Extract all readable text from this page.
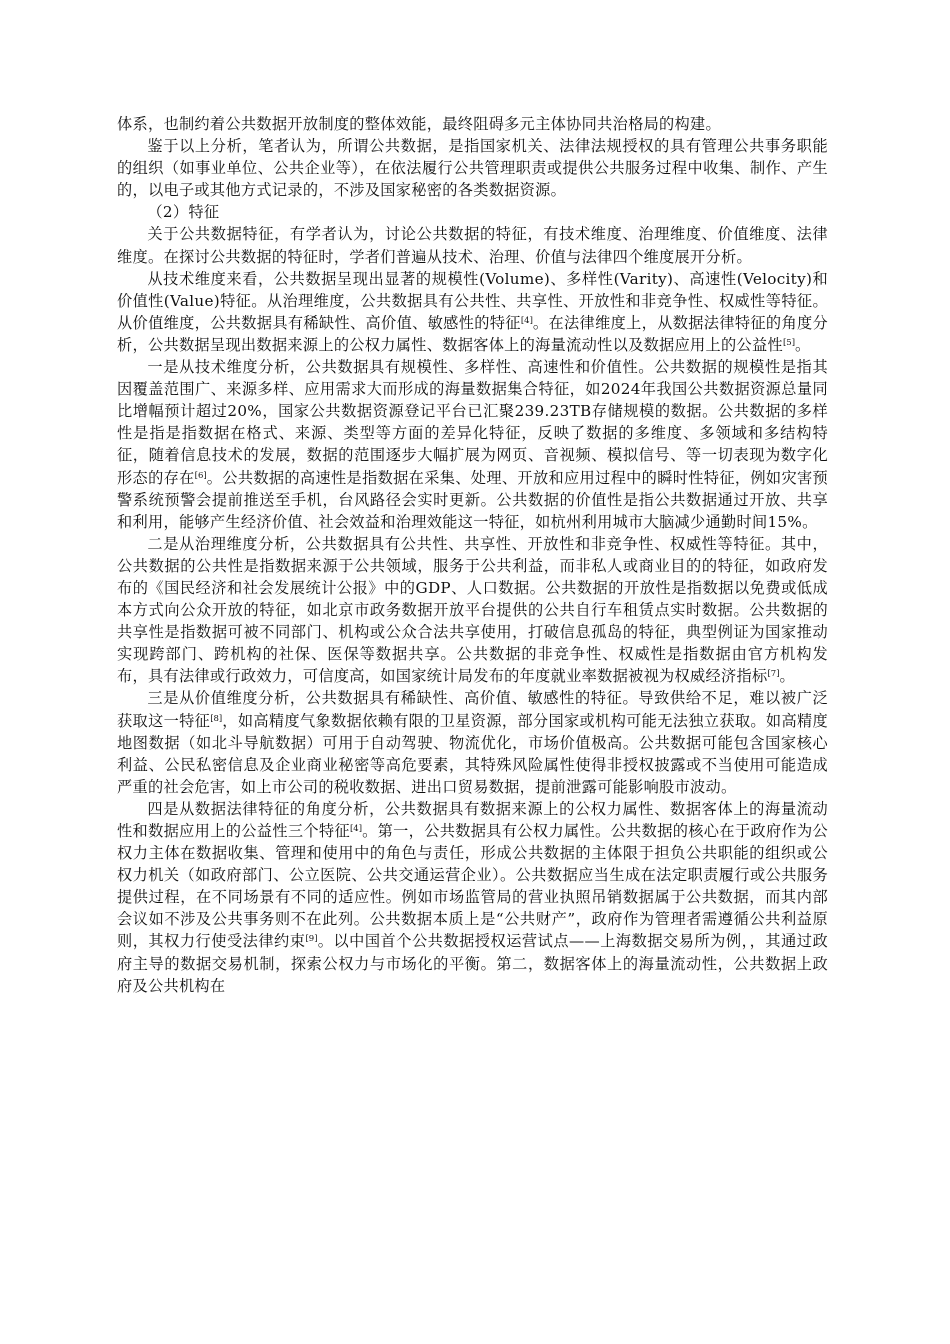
体系，也制约着公共数据开放制度的整体效能，最终阻碍多元主体协同共治格局的构建。

鉴于以上分析，笔者认为，所谓公共数据，是指国家机关、法律法规授权的具有管理公共事务职能的组织（如事业单位、公共企业等），在依法履行公共管理职责或提供公共服务过程中收集、制作、产生的，以电子或其他方式记录的，不涉及国家秘密的各类数据资源。

（2）特征

关于公共数据特征，有学者认为，讨论公共数据的特征，有技术维度、治理维度、价值维度、法律维度。在探讨公共数据的特征时，学者们普遍从技术、治理、价值与法律四个维度展开分析。

从技术维度来看，公共数据呈现出显著的规模性(Volume)、多样性(Varity)、高速性(Velocity)和价值性(Value)特征。从治理维度，公共数据具有公共性、共享性、开放性和非竞争性、权威性等特征。从价值维度，公共数据具有稀缺性、高价值、敏感性的特征[4]。在法律维度上，从数据法律特征的角度分析，公共数据呈现出数据来源上的公权力属性、数据客体上的海量流动性以及数据应用上的公益性[5]。

一是从技术维度分析，公共数据具有规模性、多样性、高速性和价值性。公共数据的规模性是指其因覆盖范围广、来源多样、应用需求大而形成的海量数据集合特征，如2024年我国公共数据资源总量同比增幅预计超过20%，国家公共数据资源登记平台已汇聚239.23TB存储规模的数据。公共数据的多样性是指是指数据在格式、来源、类型等方面的差异化特征，反映了数据的多维度、多领域和多结构特征，随着信息技术的发展，数据的范围逐步大幅扩展为网页、音视频、模拟信号、等一切表现为数字化形态的存在[6]。公共数据的高速性是指数据在采集、处理、开放和应用过程中的瞬时性特征，例如灾害预警系统预警会提前推送至手机，台风路径会实时更新。公共数据的价值性是指公共数据通过开放、共享和利用，能够产生经济价值、社会效益和治理效能这一特征，如杭州利用城市大脑减少通勤时间15%。

二是从治理维度分析，公共数据具有公共性、共享性、开放性和非竞争性、权威性等特征。其中，公共数据的公共性是指数据来源于公共领域，服务于公共利益，而非私人或商业目的的特征，如政府发布的《国民经济和社会发展统计公报》中的GDP、人口数据。公共数据的开放性是指数据以免费或低成本方式向公众开放的特征，如北京市政务数据开放平台提供的公共自行车租赁点实时数据。公共数据的共享性是指数据可被不同部门、机构或公众合法共享使用，打破信息孤岛的特征，典型例证为国家推动实现跨部门、跨机构的社保、医保等数据共享。公共数据的非竞争性、权威性是指数据由官方机构发布，具有法律或行政效力，可信度高，如国家统计局发布的年度就业率数据被视为权威经济指标[7]。

三是从价值维度分析，公共数据具有稀缺性、高价值、敏感性的特征。导致供给不足，难以被广泛获取这一特征[8]，如高精度气象数据依赖有限的卫星资源，部分国家或机构可能无法独立获取。如高精度地图数据（如北斗导航数据）可用于自动驾驶、物流优化，市场价值极高。公共数据可能包含国家核心利益、公民私密信息及企业商业秘密等高危要素，其特殊风险属性使得非授权披露或不当使用可能造成严重的社会危害，如上市公司的税收数据、进出口贸易数据，提前泄露可能影响股市波动。

四是从数据法律特征的角度分析，公共数据具有数据来源上的公权力属性、数据客体上的海量流动性和数据应用上的公益性三个特征[4]。第一，公共数据具有公权力属性。公共数据的核心在于政府作为公权力主体在数据收集、管理和使用中的角色与责任，形成公共数据的主体限于担负公共职能的组织或公权力机关（如政府部门、公立医院、公共交通运营企业）。公共数据应当生成在法定职责履行或公共服务提供过程，在不同场景有不同的适应性。例如市场监管局的营业执照吊销数据属于公共数据，而其内部会议如不涉及公共事务则不在此列。公共数据本质上是“公共财产”，政府作为管理者需遵循公共利益原则，其权力行使受法律约束[9]。以中国首个公共数据授权运营试点——上海数据交易所为例，，其通过政府主导的数据交易机制，探索公权力与市场化的平衡。第二，数据客体上的海量流动性，公共数据上政府及公共机构在
